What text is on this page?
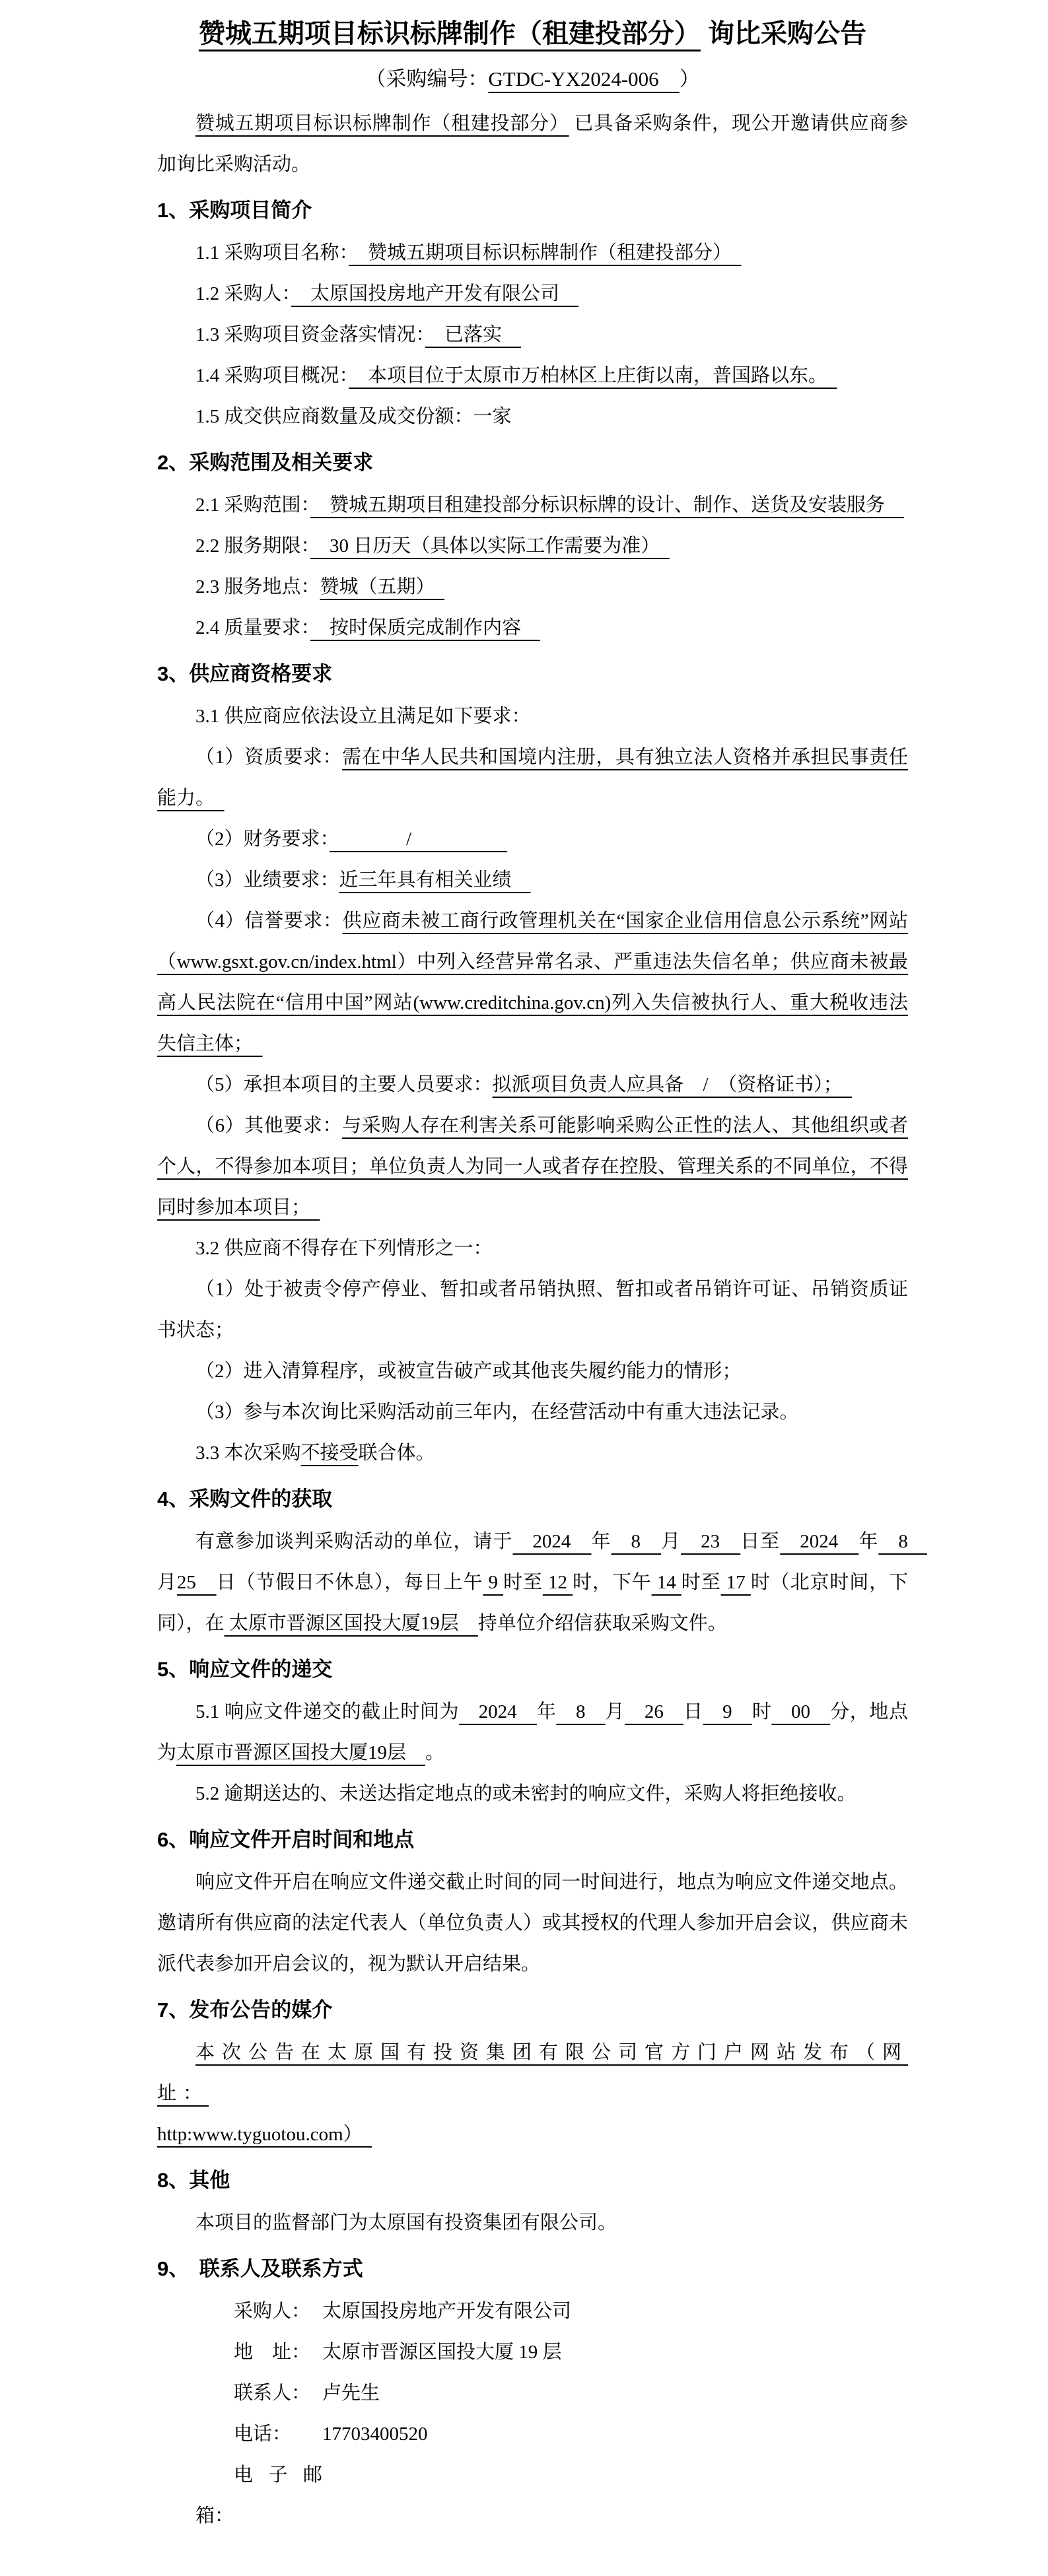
赞城五期项目标识标牌制作（租建投部分） 询比采购公告
（采购编号：GTDC-YX2024-006　）
赞城五期项目标识标牌制作（租建投部分） 已具备采购条件，现公开邀请供应商参加询比采购活动。
1、采购项目简介
1.1 采购项目名称：　赞城五期项目标识标牌制作（租建投部分）　
1.2 采购人：　太原国投房地产开发有限公司　
1.3 采购项目资金落实情况：　已落实　
1.4 采购项目概况：　本项目位于太原市万柏林区上庄街以南，普国路以东。　
1.5 成交供应商数量及成交份额：一家
2、采购范围及相关要求
2.1 采购范围：　赞城五期项目租建投部分标识标牌的设计、制作、送货及安装服务　
2.2 服务期限：　30 日历天（具体以实际工作需要为准）　
2.3 服务地点：赞城（五期）　
2.4 质量要求：　按时保质完成制作内容　
3、供应商资格要求
3.1 供应商应依法设立且满足如下要求：
（1）资质要求：需在中华人民共和国境内注册，具有独立法人资格并承担民事责任能力。　
（2）财务要求：　　　　/　　　　　
（3）业绩要求：近三年具有相关业绩　
（4）信誉要求：供应商未被工商行政管理机关在“国家企业信用信息公示系统”网站（www.gsxt.gov.cn/index.html）中列入经营异常名录、严重违法失信名单；供应商未被最高人民法院在“信用中国”网站(www.creditchina.gov.cn)列入失信被执行人、重大税收违法失信主体；　
（5）承担本项目的主要人员要求：拟派项目负责人应具备　/　（资格证书）；　
（6）其他要求：与采购人存在利害关系可能影响采购公正性的法人、其他组织或者个人，不得参加本项目；单位负责人为同一人或者存在控股、管理关系的不同单位，不得同时参加本项目；　
3.2 供应商不得存在下列情形之一：
（1）处于被责令停产停业、暂扣或者吊销执照、暂扣或者吊销许可证、吊销资质证书状态；
（2）进入清算程序，或被宣告破产或其他丧失履约能力的情形；
（3）参与本次询比采购活动前三年内，在经营活动中有重大违法记录。
3.3 本次采购不接受联合体。
4、采购文件的获取
有意参加谈判采购活动的单位，请于　2024　年　8　月　23　日至　2024　年　8　月25　日（节假日不休息），每日上午 9 时至 12 时，下午 14 时至 17 时（北京时间，下同），在 太原市晋源区国投大厦19层　持单位介绍信获取采购文件。
5、响应文件的递交
5.1 响应文件递交的截止时间为　2024　年　8　月　26　日　9　时　00　分，地点为太原市晋源区国投大厦19层　。
5.2 逾期送达的、未送达指定地点的或未密封的响应文件，采购人将拒绝接收。
6、响应文件开启时间和地点
响应文件开启在响应文件递交截止时间的同一时间进行，地点为响应文件递交地点。邀请所有供应商的法定代表人（单位负责人）或其授权的代理人参加开启会议，供应商未派代表参加开启会议的，视为默认开启结果。
7、发布公告的媒介
本次公告在太原国有投资集团有限公司官方门户网站发布（网址：
http:www.tyguotou.com）　
8、其他
本项目的监督部门为太原国有投资集团有限公司。
9、　联系人及联系方式
采购人： 太原国投房地产开发有限公司
地　址： 太原市晋源区国投大厦 19 层
联系人： 卢先生
电话： 17703400520
电子邮箱：
